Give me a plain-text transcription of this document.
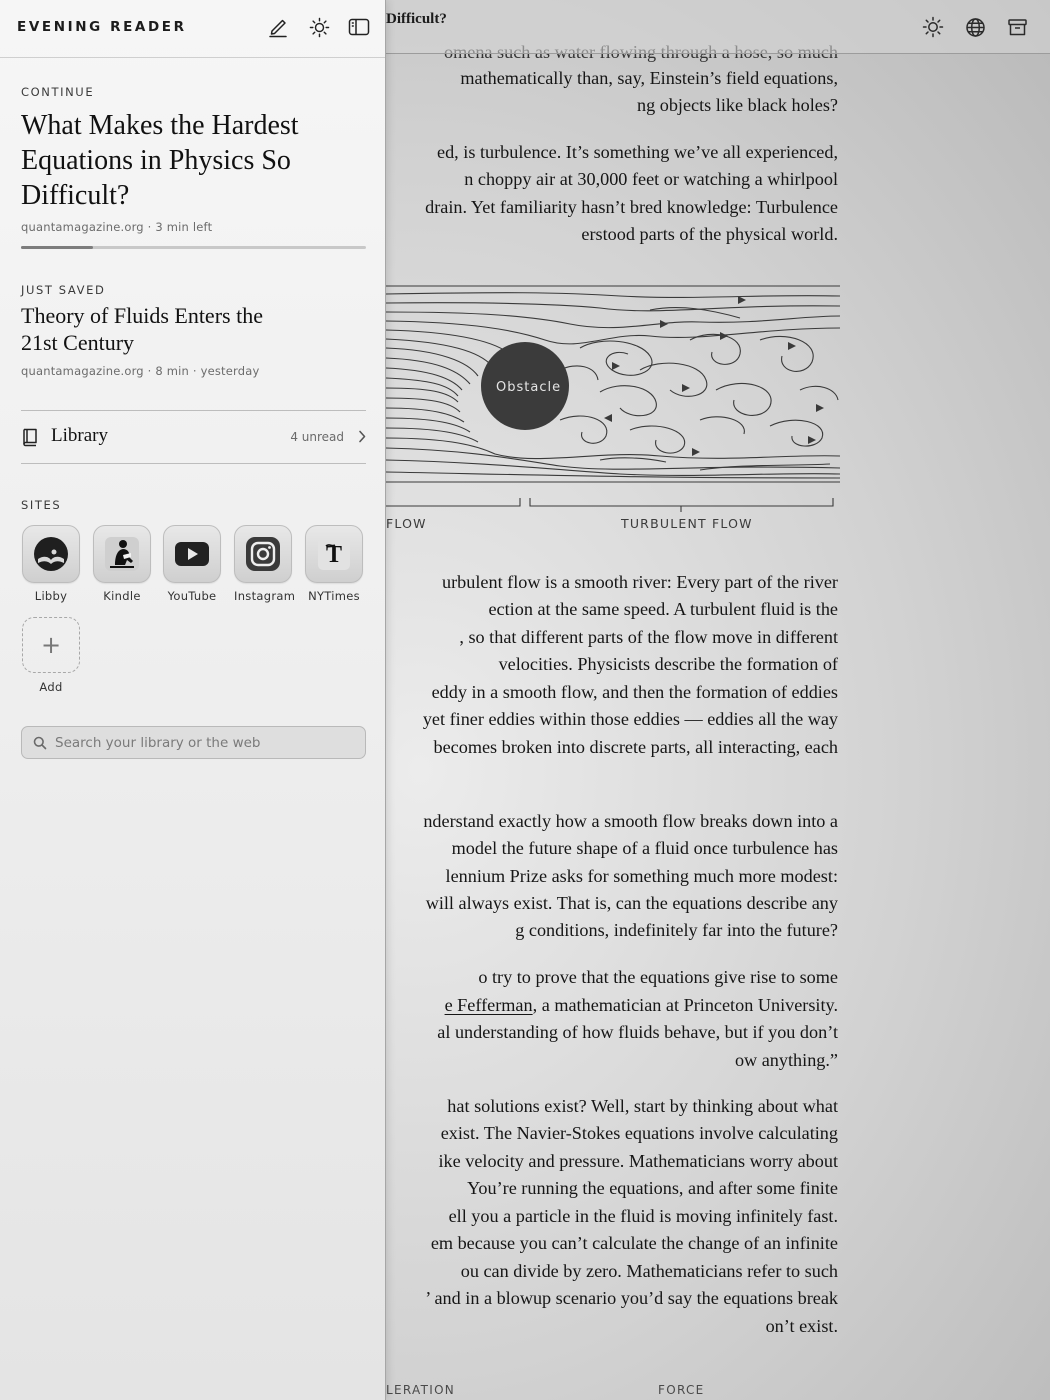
Difficult?
mathematically than, say, Einstein’s field equations,
ng objects like black holes?
ed, is turbulence. It’s something we’ve all experienced,
n choppy air at 30,000 feet or watching a whirlpool
drain. Yet familiarity hasn’t bred knowledge: Turbulence
erstood parts of the physical world.
Obstacle
FLOW	TURBULENT FLOW
urbulent flow is a smooth river: Every part of the river
ection at the same speed. A turbulent fluid is the
, so that different parts of the flow move in different
velocities. Physicists describe the formation of
eddy in a smooth flow, and then the formation of eddies
yet finer eddies within those eddies — eddies all the way
becomes broken into discrete parts, all interacting, each
nderstand exactly how a smooth flow breaks down into a
model the future shape of a fluid once turbulence has
lennium Prize asks for something much more modest:
will always exist. That is, can the equations describe any
g conditions, indefinitely far into the future?
o try to prove that the equations give rise to some
e Fefferman, a mathematician at Princeton University.
al understanding of how fluids behave, but if you don’t
ow anything.”
hat solutions exist? Well, start by thinking about what
exist. The Navier-Stokes equations involve calculating
ike velocity and pressure. Mathematicians worry about
You’re running the equations, and after some finite
ell you a particle in the fluid is moving infinitely fast.
em because you can’t calculate the change of an infinite
ou can divide by zero. Mathematicians refer to such
’ and in a blowup scenario you’d say the equations break
on’t exist.
LERATION	FORCE
EVENING READER
CONTINUE
What Makes the Hardest
Equations in Physics So
Difficult?
quantamagazine.org · 3 min left
JUST SAVED
Theory of Fluids Enters the
21st Century
quantamagazine.org · 8 min · yesterday
Library	4 unread
SITES
Libby	Kindle	YouTube	Instagram
T
NYTimes
+
Add
Search your library or the web
